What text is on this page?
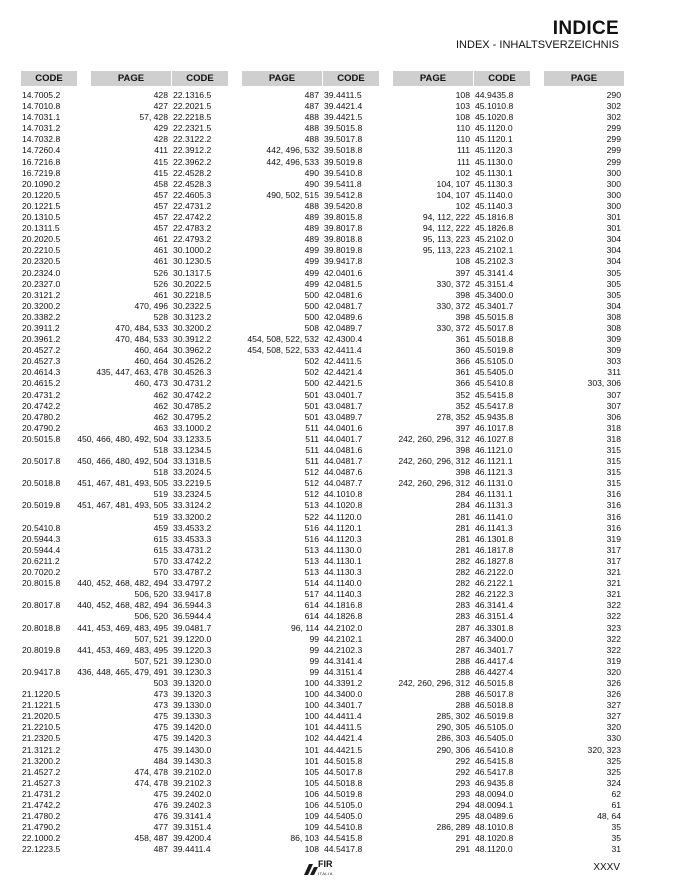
INDICE
INDEX - INHALTSVERZEICHNIS
CODE	PAGE
14.7005.2	428
14.7010.8	427
14.7031.1	57, 428
14.7031.2	429
14.7032.8	428
14.7260.4	411
16.7216.8	415
16.7219.8	415
20.1090.2	458
20.1220.5	457
20.1221.5	457
20.1310.5	457
20.1311.5	457
20.2020.5	461
20.2210.5	461
20.2320.5	461
20.2324.0	526
20.2327.0	526
20.3121.2	461
20.3200.2	470, 496
20.3382.2	528
20.3911.2	470, 484, 533
20.3961.2	470, 484, 533
20.4527.2	460, 464
20.4527.3	460, 464
20.4614.3	435, 447, 463, 478
20.4615.2	460, 473
20.4731.2	462
20.4742.2	462
20.4780.2	462
20.4790.2	463
20.5015.8	450, 466, 480, 492, 504
518
20.5017.8	450, 466, 480, 492, 504
518
20.5018.8	451, 467, 481, 493, 505
519
20.5019.8	451, 467, 481, 493, 505
519
20.5410.8	459
20.5944.3	615
20.5944.4	615
20.6211.2	570
20.7020.2	570
20.8015.8	440, 452, 468, 482, 494
506, 520
20.8017.8	440, 452, 468, 482, 494
506, 520
20.8018.8	441, 453, 469, 483, 495
507, 521
20.8019.8	441, 453, 469, 483, 495
507, 521
20.9417.8	436, 448, 465, 479, 491
503
21.1220.5	473
21.1221.5	473
21.2020.5	475
21.2210.5	475
21.2320.5	475
21.3121.2	475
21.3200.2	484
21.4527.2	474, 478
21.4527.3	474, 478
21.4731.2	475
21.4742.2	476
21.4780.2	476
21.4790.2	477
22.1000.2	458, 487
22.1223.5	487
CODE	PAGE
22.1316.5	487
22.2021.5	487
22.2218.5	488
22.2321.5	488
22.3122.2	488
22.3912.2	442, 496, 532
22.3962.2	442, 496, 533
22.4528.2	490
22.4528.3	490
22.4605.3	490, 502, 515
22.4731.2	488
22.4742.2	489
22.4783.2	489
22.4793.2	489
30.1000.2	499
30.1230.5	499
30.1317.5	499
30.2022.5	499
30.2218.5	500
30.2322.5	500
30.3123.2	500
30.3200.2	508
30.3912.2	454, 508, 522, 532
30.3962.2	454, 508, 522, 533
30.4526.2	502
30.4526.3	502
30.4731.2	500
30.4742.2	501
30.4785.2	501
30.4795.2	501
33.1000.2	511
33.1233.5	511
33.1234.5	511
33.1318.5	511
33.2024.5	512
33.2219.5	512
33.2324.5	512
33.3124.2	513
33.3200.2	522
33.4533.2	516
33.4533.3	516
33.4731.2	513
33.4742.2	513
33.4787.2	513
33.4797.2	514
33.9417.8	517
36.5944.3	614
36.5944.4	614
39.0481.7	96, 114
39.1220.0	99
39.1220.3	99
39.1230.0	99
39.1230.3	99
39.1320.0	100
39.1320.3	100
39.1330.0	100
39.1330.3	100
39.1420.0	101
39.1420.3	102
39.1430.0	101
39.1430.3	101
39.2102.0	105
39.2102.3	105
39.2402.0	106
39.2402.3	106
39.3141.4	109
39.3151.4	109
39.4200.4	86, 103
39.4411.4	108
CODE	PAGE
39.4411.5	108
39.4421.4	103
39.4421.5	108
39.5015.8	110
39.5017.8	110
39.5018.8	111
39.5019.8	111
39.5410.8	102
39.5411.8	104, 107
39.5412.8	104, 107
39.5420.8	102
39.8015.8	94, 112, 222
39.8017.8	94, 112, 222
39.8018.8	95, 113, 223
39.8019.8	95, 113, 223
39.9417.8	108
42.0401.6	397
42.0481.5	330, 372
42.0481.6	398
42.0481.7	330, 372
42.0489.6	398
42.0489.7	330, 372
42.4300.4	361
42.4411.4	360
42.4411.5	366
42.4421.4	361
42.4421.5	366
43.0401.7	352
43.0481.7	352
43.0489.7	278, 352
44.0401.6	397
44.0401.7	242, 260, 296, 312
44.0481.6	398
44.0481.7	242, 260, 296, 312
44.0487.6	398
44.0487.7	242, 260, 296, 312
44.1010.8	284
44.1020.8	284
44.1120.0	281
44.1120.1	281
44.1120.3	281
44.1130.0	281
44.1130.1	282
44.1130.3	282
44.1140.0	282
44.1140.3	282
44.1816.8	283
44.1826.8	283
44.2102.0	287
44.2102.1	287
44.2102.3	287
44.3141.4	288
44.3151.4	288
44.3391.2	242, 260, 296, 312
44.3400.0	288
44.3401.7	288
44.4411.4	285, 302
44.4411.5	290, 305
44.4421.4	286, 303
44.4421.5	290, 306
44.5015.8	292
44.5017.8	292
44.5018.8	293
44.5019.8	293
44.5105.0	294
44.5405.0	295
44.5410.8	286, 289
44.5415.8	291
44.5417.8	291
CODE	PAGE
44.9435.8	290
45.1010.8	302
45.1020.8	302
45.1120.0	299
45.1120.1	299
45.1120.3	299
45.1130.0	299
45.1130.1	300
45.1130.3	300
45.1140.0	300
45.1140.3	300
45.1816.8	301
45.1826.8	301
45.2102.0	304
45.2102.1	304
45.2102.3	304
45.3141.4	305
45.3151.4	305
45.3400.0	305
45.3401.7	304
45.5015.8	308
45.5017.8	308
45.5018.8	309
45.5019.8	309
45.5105.0	303
45.5405.0	311
45.5410.8	303, 306
45.5415.8	307
45.5417.8	307
45.9435.8	306
46.1017.8	318
46.1027.8	318
46.1121.0	315
46.1121.1	315
46.1121.3	315
46.1131.0	315
46.1131.1	316
46.1131.3	316
46.1141.0	316
46.1141.3	316
46.1301.8	319
46.1817.8	317
46.1827.8	317
46.2122.0	321
46.2122.1	321
46.2122.3	321
46.3141.4	322
46.3151.4	322
46.3301.8	323
46.3400.0	322
46.3401.7	322
46.4417.4	319
46.4427.4	320
46.5015.8	326
46.5017.8	326
46.5018.8	327
46.5019.8	327
46.5105.0	320
46.5405.0	330
46.5410.8	320, 323
46.5415.8	325
46.5417.8	325
46.9435.8	324
48.0094.0	62
48.0094.1	61
48.0489.6	48, 64
48.1010.8	35
48.1020.8	35
48.1120.0	31
FIR
ITALIA
XXXV
